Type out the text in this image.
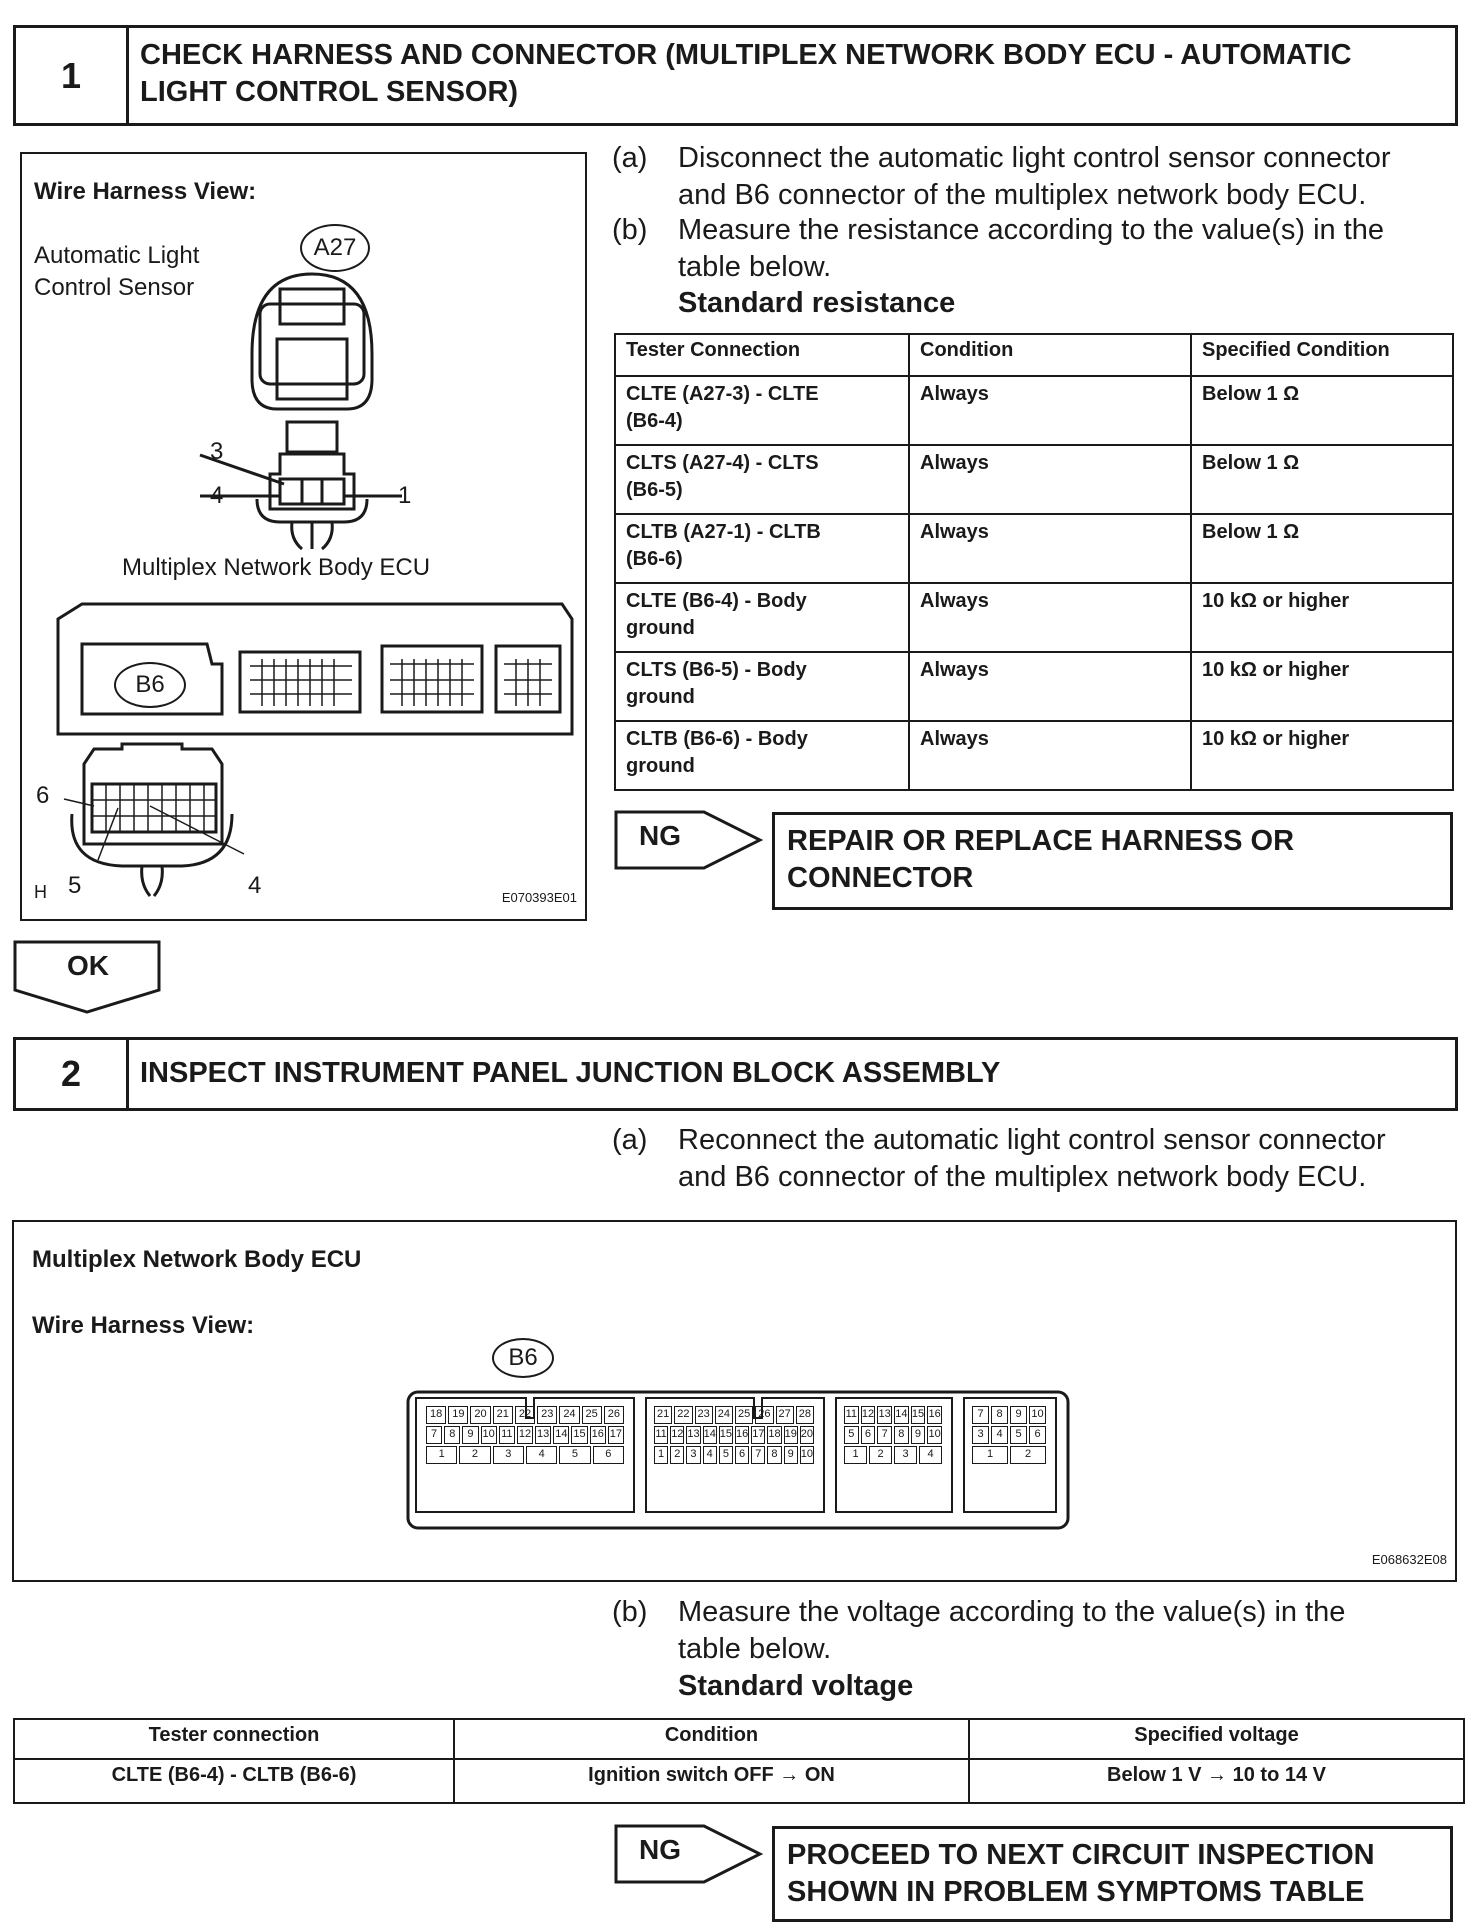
1	CHECK HARNESS AND CONNECTOR (MULTIPLEX NETWORK BODY ECU - AUTOMATIC
LIGHT CONTROL SENSOR)
Wire Harness View:
Automatic Light
Control Sensor
A27
3
4	1
Multiplex Network Body ECU
B6
6
H 5	4	E070393E01
(a) Disconnect the automatic light control sensor connector
and B6 connector of the multiplex network body ECU.
(b) Measure the resistance according to the value(s) in the
table below.
Standard resistance
Tester Connection	Condition	Specified Condition

CLTE (A27-3) - CLTE
(B6-4)	Always	Below 1 Ω

CLTS (A27-4) - CLTS
(B6-5)	Always	Below 1 Ω

CLTB (A27-1) - CLTB
(B6-6)	Always	Below 1 Ω

CLTE (B6-4) - Body
ground	Always	10 kΩ or higher

CLTS (B6-5) - Body
ground	Always	10 kΩ or higher

CLTB (B6-6) - Body
ground	Always	10 kΩ or higher
NG	REPAIR OR REPLACE HARNESS OR
CONNECTOR
OK
2	INSPECT INSTRUMENT PANEL JUNCTION BLOCK ASSEMBLY
(a) Reconnect the automatic light control sensor connector
and B6 connector of the multiplex network body ECU.
Multiplex Network Body ECU
Wire Harness View:
B6
18 19 20 21 22 23 24 25 26
7	8	9 10 11 12 13 14 15 16 17
1	2	3	4	5	6
21 22 23 24 25 26 27 28
11 12 13 14 15 16 17 18 19 20
1 2 3 4 5 6 7 8 9 10
11 12 13 14 15 16
5 6 7 8 9 10
1	2	3	4
7	8	9 10
3	4	5	6
1	2
E068632E08
(b) Measure the voltage according to the value(s) in the
table below.
Standard voltage
Tester connection	Condition	Specified voltage
CLTE (B6-4) - CLTB (B6-6)	Ignition switch OFF → ON	Below 1 V → 10 to 14 V
NG	PROCEED TO NEXT CIRCUIT INSPECTION
SHOWN IN PROBLEM SYMPTOMS TABLE
